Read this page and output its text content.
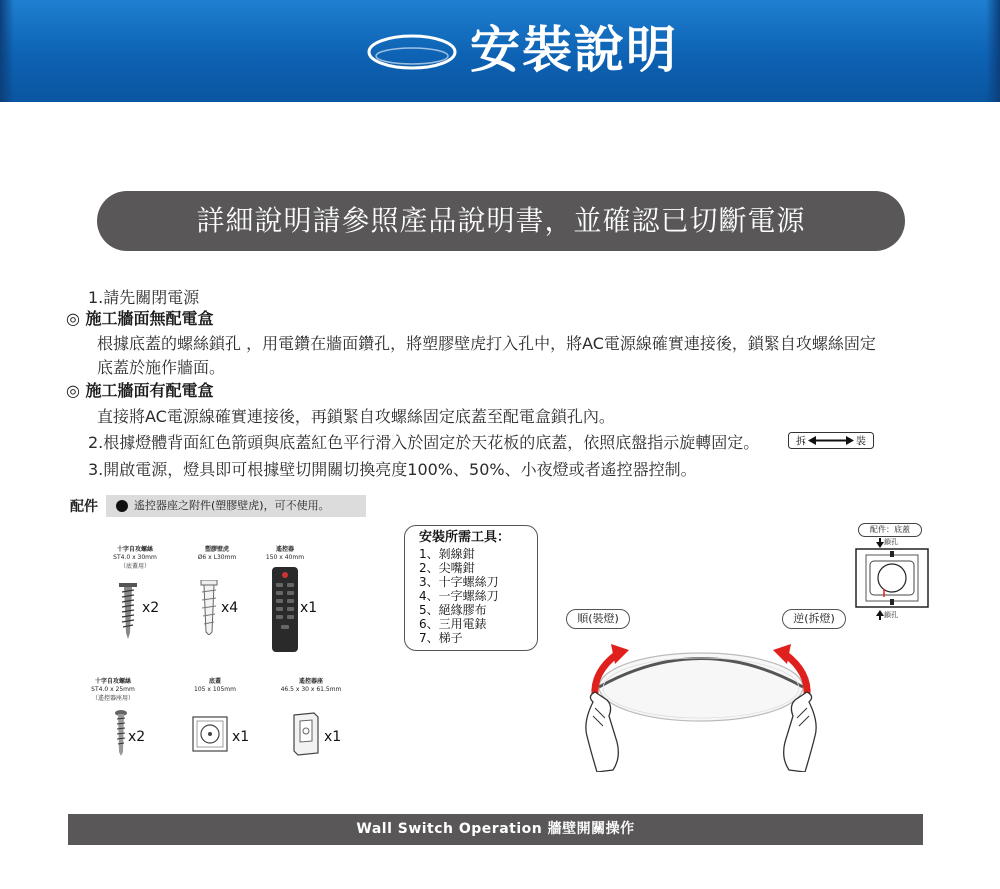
安裝說明
詳細說明請參照產品說明書，並確認已切斷電源
1.請先關閉電源
◎ 施工牆面無配電盒
根據底蓋的螺絲鎖孔 ，用電鑽在牆面鑽孔，將塑膠壁虎打入孔中，將AC電源線確實連接後，鎖緊自攻螺絲固定
底蓋於施作牆面。
◎ 施工牆面有配電盒
直接將AC電源線確實連接後，再鎖緊自攻螺絲固定底蓋至配電盒鎖孔內。
2.根據燈體背面紅色箭頭與底蓋紅色平行滑入於固定於天花板的底蓋，依照底盤指示旋轉固定。
3.開啟電源，燈具即可根據壁切開關切換亮度100%、50%、小夜燈或者遙控器控制。
拆	裝
配件	遙控器座之附件(塑膠壁虎)，可不使用。
十字自攻螺絲
ST4.0 x 30mm
（底蓋用）
x2
塑膠壁虎
Ø6 x L30mm
x4
遙控器
150 x 40mm
x1
十字自攻螺絲
ST4.0 x 25mm
（遙控器座用）
x2
底蓋
105 x 105mm
x1
遙控器座
46.5 x 30 x 61.5mm
x1
安裝所需工具：
1、剝線鉗
2、尖嘴鉗
3、十字螺絲刀
4、一字螺絲刀
5、絕緣膠布
6、三用電錶
7、梯子
順(裝燈)	逆(拆燈)
配件：底蓋
鎖孔
鎖孔
Wall Switch Operation 牆壁開關操作
